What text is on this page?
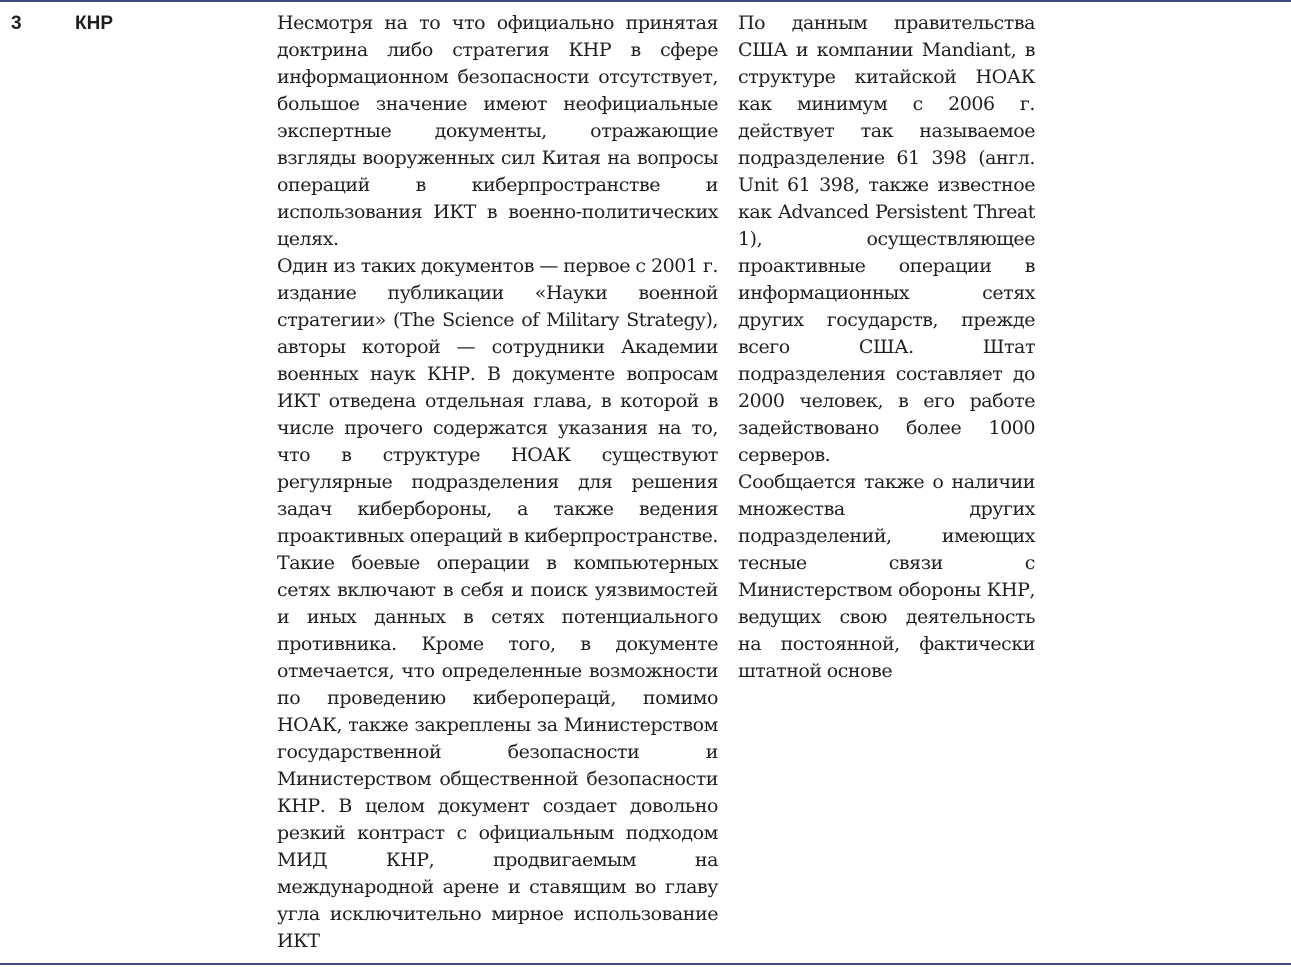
3	КНР	Несмотря на то что официально принятая доктрина либо стратегия КНР в сфере информационном безопасности отсутствует, большое значение имеют неофициальные экспертные документы, отражающие взгляды вооруженных сил Китая на вопросы операций в киберпространстве и использования ИКТ в военно-политических целях.

Один из таких документов — первое с 2001 г. издание публикации «Науки военной стратегии» (The Science of Military Strategy), авторы которой — сотрудники Академии военных наук КНР. В документе вопросам ИКТ отведена отдельная глава, в которой в числе прочего содержатся указания на то, что в структуре НОАК существуют регулярные подразделения для решения задач кибербороны, а также ведения проактивных операций в киберпространстве. Такие боевые операции в компьютерных сетях включают в себя и поиск уязвимостей и иных данных в сетях потенциального противника. Кроме того, в документе отмечается, что определенные возможности по проведению кибероперацй, помимо НОАК, также закреплены за Министерством государственной безопасности и Министерством общественной безопасности КНР. В целом документ создает довольно резкий контраст с официальным подходом МИД КНР, продвигаемым на международной арене и ставящим во главу угла исключительно мирное использование ИКТ

По данным правительства США и компании Mandiant, в структуре китайской НОАК как минимум с 2006 г. действует так называемое подразделение 61 398 (англ. Unit 61 398, также известное как Advanced Persistent Threat 1), осуществляющее проактивные операции в информационных сетях других государств, прежде всего США. Штат подразделения составляет до 2000 человек, в его работе задействовано более 1000 серверов.

Сообщается также о наличии множества других подразделений, имеющих тесные связи с Министерством обороны КНР, ведущих свою деятельность на постоянной, фактически штатной основе
